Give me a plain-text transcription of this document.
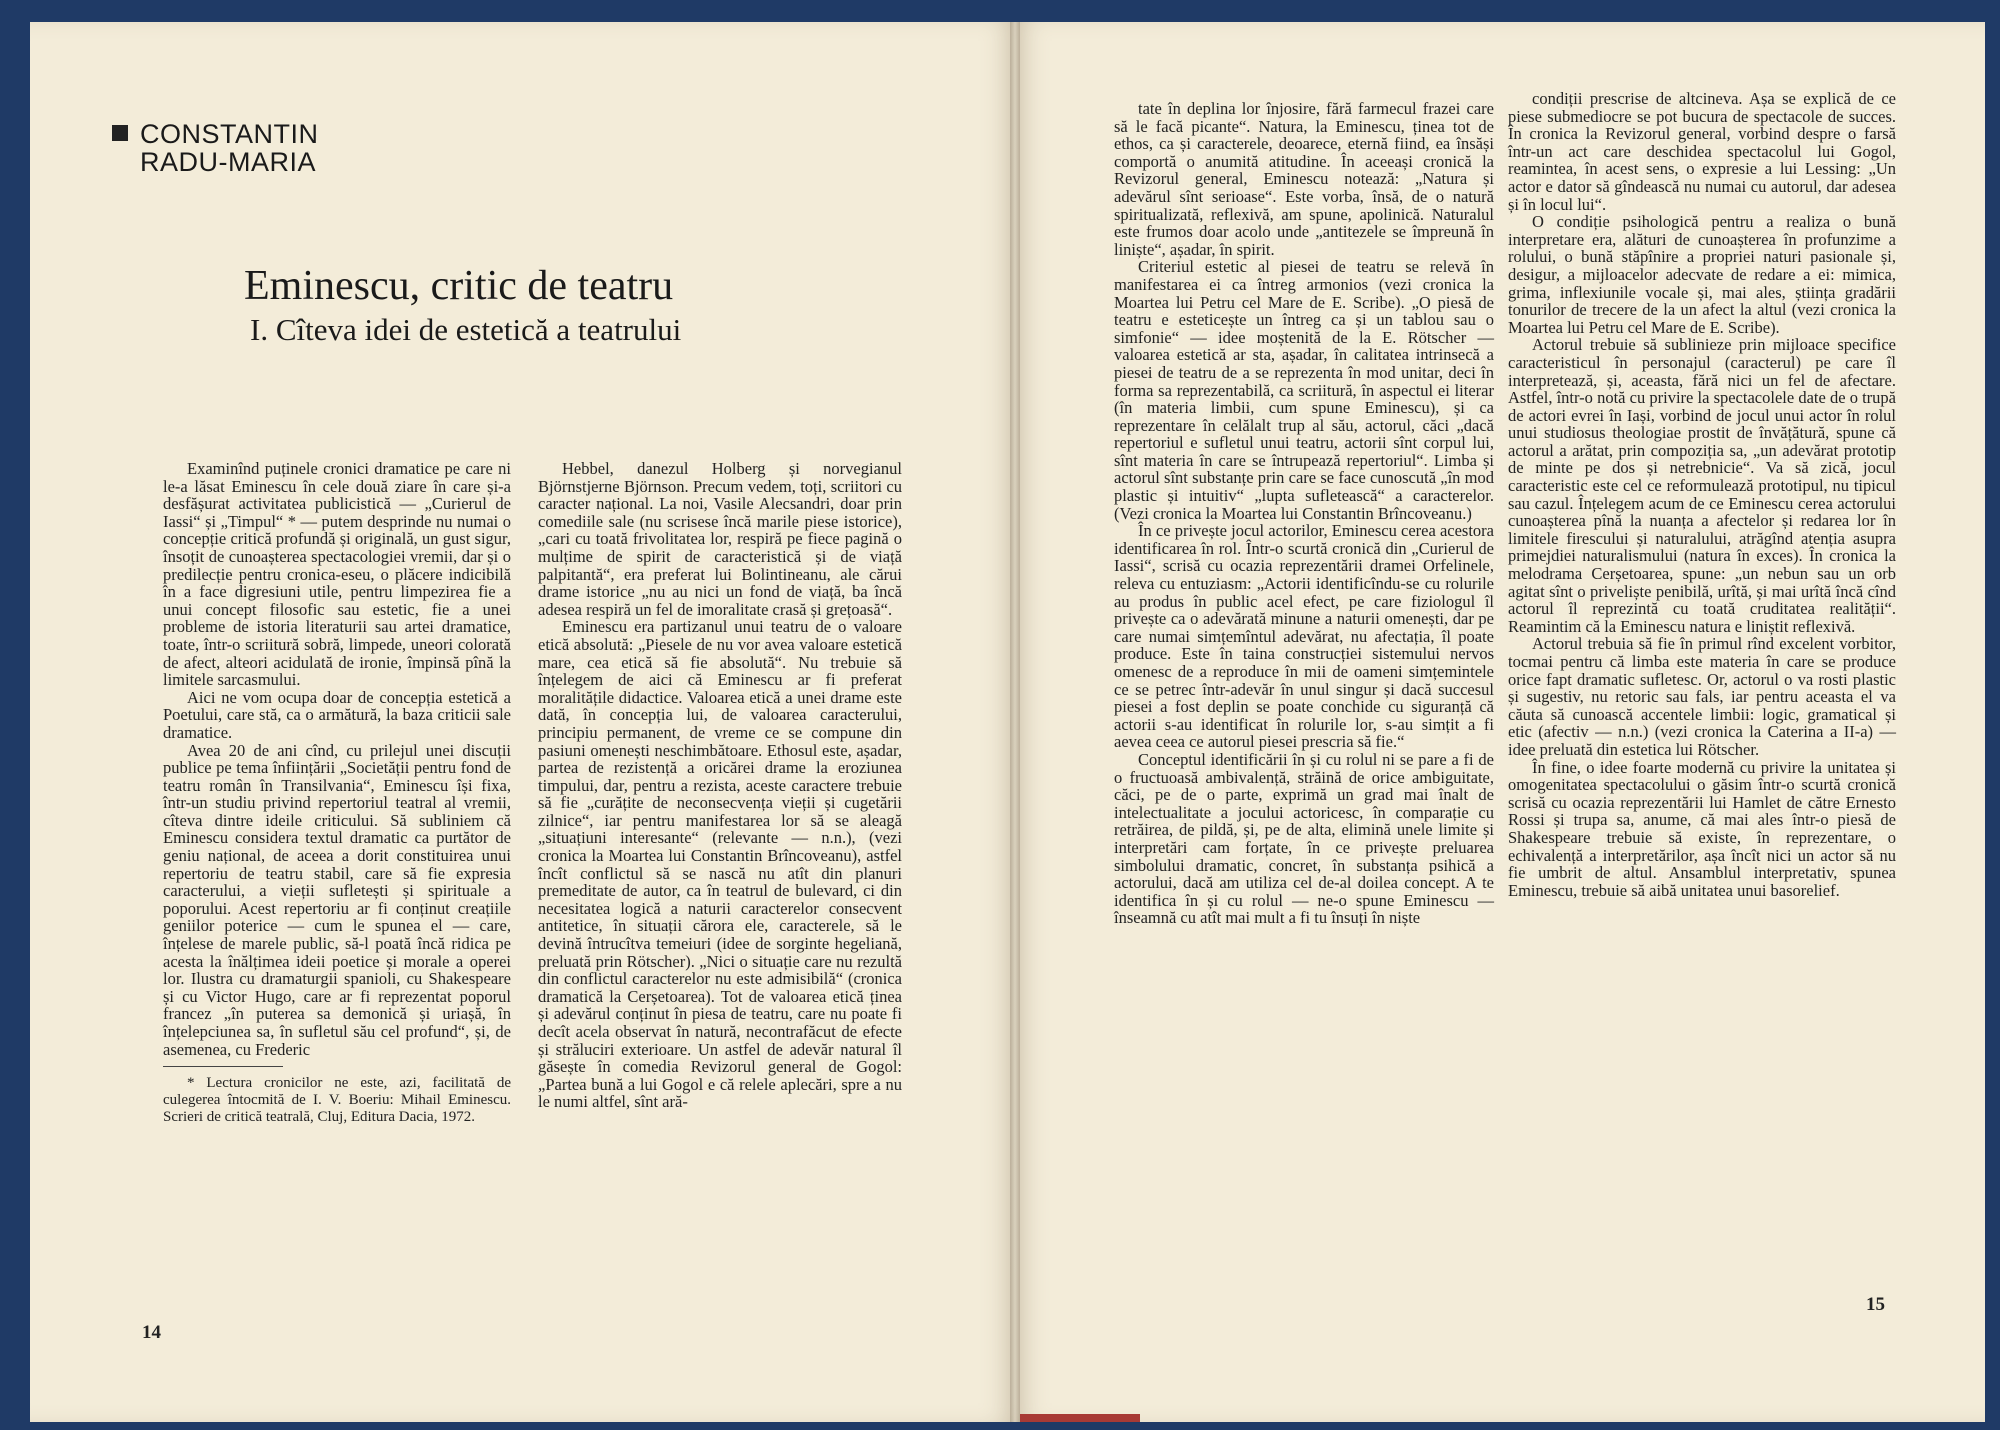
CONSTANTIN
RADU-MARIA
Eminescu, critic de teatru
I. Cîteva idei de estetică a teatrului

Examinînd puținele cronici dramatice pe care ni le-a lăsat Eminescu în cele două ziare în care și-a desfășurat activitatea publicistică — „Curierul de Iassi“ și „Timpul“ * — putem desprinde nu numai o concepție critică profundă și originală, un gust sigur, însoțit de cunoașterea spectacologiei vremii, dar și o predilecție pentru cronica-eseu, o plăcere indicibilă în a face digresiuni utile, pentru limpezirea fie a unui concept filosofic sau estetic, fie a unei probleme de istoria literaturii sau artei dramatice, toate, într-o scriitură sobră, limpede, uneori colorată de afect, alteori acidulată de ironie, împinsă pînă la limitele sarcasmului.

Aici ne vom ocupa doar de concepția estetică a Poetului, care stă, ca o armătură, la baza criticii sale dramatice.

Avea 20 de ani cînd, cu prilejul unei discuții publice pe tema înființării „Societății pentru fond de teatru român în Transilvania“, Eminescu își fixa, într-un studiu privind repertoriul teatral al vremii, cîteva dintre ideile criticului. Să subliniem că Eminescu considera textul dramatic ca purtător de geniu național, de aceea a dorit constituirea unui repertoriu de teatru stabil, care să fie expresia caracterului, a vieții sufletești și spirituale a poporului. Acest repertoriu ar fi conținut creațiile geniilor poterice — cum le spunea el — care, înțelese de marele public, să-l poată încă ridica pe acesta la înălțimea ideii poetice și morale a operei lor. Ilustra cu dramaturgii spanioli, cu Shakespeare și cu Victor Hugo, care ar fi reprezentat poporul francez „în puterea sa demonică și uriașă, în înțelepciunea sa, în sufletul său cel profund“, și, de asemenea, cu Frederic

* Lectura cronicilor ne este, azi, facilitată de culegerea întocmită de I. V. Boeriu: Mihail Eminescu. Scrieri de critică teatrală, Cluj, Editura Dacia, 1972.

Hebbel, danezul Holberg și norvegianul Björnstjerne Björnson. Precum vedem, toți, scriitori cu caracter național. La noi, Vasile Alecsandri, doar prin comediile sale (nu scrisese încă marile piese istorice), „cari cu toată frivolitatea lor, respiră pe fiece pagină o mulțime de spirit de caracteristică și de viață palpitantă“, era preferat lui Bolintineanu, ale cărui drame istorice „nu au nici un fond de viață, ba încă adesea respiră un fel de imoralitate crasă și grețoasă“.

Eminescu era partizanul unui teatru de o valoare etică absolută: „Piesele de nu vor avea valoare estetică mare, cea etică să fie absolută“. Nu trebuie să înțelegem de aici că Eminescu ar fi preferat moralitățile didactice. Valoarea etică a unei drame este dată, în concepția lui, de valoarea caracterului, principiu permanent, de vreme ce se compune din pasiuni omenești neschimbătoare. Ethosul este, așadar, partea de rezistență a oricărei drame la eroziunea timpului, dar, pentru a rezista, aceste caractere trebuie să fie „curățite de neconsecvența vieții și cugetării zilnice“, iar pentru manifestarea lor să se aleagă „situațiuni interesante“ (relevante — n.n.), (vezi cronica la Moartea lui Constantin Brîncoveanu), astfel încît conflictul să se nască nu atît din planuri premeditate de autor, ca în teatrul de bulevard, ci din necesitatea logică a naturii caracterelor consecvent antitetice, în situații cărora ele, caracterele, să le devină întrucîtva temeiuri (idee de sorginte hegeliană, preluată prin Rötscher). „Nici o situație care nu rezultă din conflictul caracterelor nu este admisibilă“ (cronica dramatică la Cerșetoarea). Tot de valoarea etică ținea și adevărul conținut în piesa de teatru, care nu poate fi decît acela observat în natură, necontrafăcut de efecte și străluciri exterioare. Un astfel de adevăr natural îl găsește în comedia Revizorul general de Gogol: „Partea bună a lui Gogol e că relele aplecări, spre a nu le numi altfel, sînt ară-

tate în deplina lor înjosire, fără farmecul frazei care să le facă picante“. Natura, la Eminescu, ținea tot de ethos, ca și caracterele, deoarece, eternă fiind, ea însăși comportă o anumită atitudine. În aceeași cronică la Revizorul general, Eminescu notează: „Natura și adevărul sînt serioase“. Este vorba, însă, de o natură spiritualizată, reflexivă, am spune, apolinică. Naturalul este frumos doar acolo unde „antitezele se împreună în liniște“, așadar, în spirit.

Criteriul estetic al piesei de teatru se relevă în manifestarea ei ca întreg armonios (vezi cronica la Moartea lui Petru cel Mare de E. Scribe). „O piesă de teatru e esteticește un întreg ca și un tablou sau o simfonie“ — idee moștenită de la E. Rötscher — valoarea estetică ar sta, așadar, în calitatea intrinsecă a piesei de teatru de a se reprezenta în mod unitar, deci în forma sa reprezentabilă, ca scriitură, în aspectul ei literar (în materia limbii, cum spune Eminescu), și ca reprezentare în celălalt trup al său, actorul, căci „dacă repertoriul e sufletul unui teatru, actorii sînt corpul lui, sînt materia în care se întrupează repertoriul“. Limba și actorul sînt substanțe prin care se face cunoscută „în mod plastic și intuitiv“ „lupta sufletească“ a caracterelor. (Vezi cronica la Moartea lui Constantin Brîncoveanu.)

În ce privește jocul actorilor, Eminescu cerea acestora identificarea în rol. Într-o scurtă cronică din „Curierul de Iassi“, scrisă cu ocazia reprezentării dramei Orfelinele, releva cu entuziasm: „Actorii identificîndu-se cu rolurile au produs în public acel efect, pe care fiziologul îl privește ca o adevărată minune a naturii omenești, dar pe care numai simțemîntul adevărat, nu afectația, îl poate produce. Este în taina construcției sistemului nervos omenesc de a reproduce în mii de oameni simțemintele ce se petrec într-adevăr în unul singur și dacă succesul piesei a fost deplin se poate conchide cu siguranță că actorii s-au identificat în rolurile lor, s-au simțit a fi aevea ceea ce autorul piesei prescria să fie.“

Conceptul identificării în și cu rolul ni se pare a fi de o fructuoasă ambivalență, străină de orice ambiguitate, căci, pe de o parte, exprimă un grad mai înalt de intelectualitate a jocului actoricesc, în comparație cu retrăirea, de pildă, și, pe de alta, elimină unele limite și interpretări cam forțate, în ce privește preluarea simbolului dramatic, concret, în substanța psihică a actorului, dacă am utiliza cel de-al doilea concept. A te identifica în și cu rolul — ne-o spune Eminescu — înseamnă cu atît mai mult a fi tu însuți în niște

condiții prescrise de altcineva. Așa se explică de ce piese submediocre se pot bucura de spectacole de succes. În cronica la Revizorul general, vorbind despre o farsă într-un act care deschidea spectacolul lui Gogol, reamintea, în acest sens, o expresie a lui Lessing: „Un actor e dator să gîndească nu numai cu autorul, dar adesea și în locul lui“.

O condiție psihologică pentru a realiza o bună interpretare era, alături de cunoașterea în profunzime a rolului, o bună stăpînire a propriei naturi pasionale și, desigur, a mijloacelor adecvate de redare a ei: mimica, grima, inflexiunile vocale și, mai ales, știința gradării tonurilor de trecere de la un afect la altul (vezi cronica la Moartea lui Petru cel Mare de E. Scribe).

Actorul trebuie să sublinieze prin mijloace specifice caracteristicul în personajul (caracterul) pe care îl interpretează, și, aceasta, fără nici un fel de afectare. Astfel, într-o notă cu privire la spectacolele date de o trupă de actori evrei în Iași, vorbind de jocul unui actor în rolul unui studiosus theologiae prostit de învățătură, spune că actorul a arătat, prin compoziția sa, „un adevărat prototip de minte pe dos și netrebnicie“. Va să zică, jocul caracteristic este cel ce reformulează prototipul, nu tipicul sau cazul. Înțelegem acum de ce Eminescu cerea actorului cunoașterea pînă la nuanța a afectelor și redarea lor în limitele firescului și naturalului, atrăgînd atenția asupra primejdiei naturalismului (natura în exces). În cronica la melodrama Cerșetoarea, spune: „un nebun sau un orb agitat sînt o priveliște penibilă, urîtă, și mai urîtă încă cînd actorul îl reprezintă cu toată cruditatea realității“. Reamintim că la Eminescu natura e liniștit reflexivă.

Actorul trebuia să fie în primul rînd excelent vorbitor, tocmai pentru că limba este materia în care se produce orice fapt dramatic sufletesc. Or, actorul o va rosti plastic și sugestiv, nu retoric sau fals, iar pentru aceasta el va căuta să cunoască accentele limbii: logic, gramatical și etic (afectiv — n.n.) (vezi cronica la Caterina a II-a) — idee preluată din estetica lui Rötscher.

În fine, o idee foarte modernă cu privire la unitatea și omogenitatea spectacolului o găsim într-o scurtă cronică scrisă cu ocazia reprezentării lui Hamlet de către Ernesto Rossi și trupa sa, anume, că mai ales într-o piesă de Shakespeare trebuie să existe, în reprezentare, o echivalență a interpretărilor, așa încît nici un actor să nu fie umbrit de altul. Ansamblul interpretativ, spunea Eminescu, trebuie să aibă unitatea unui basorelief.

14
15
